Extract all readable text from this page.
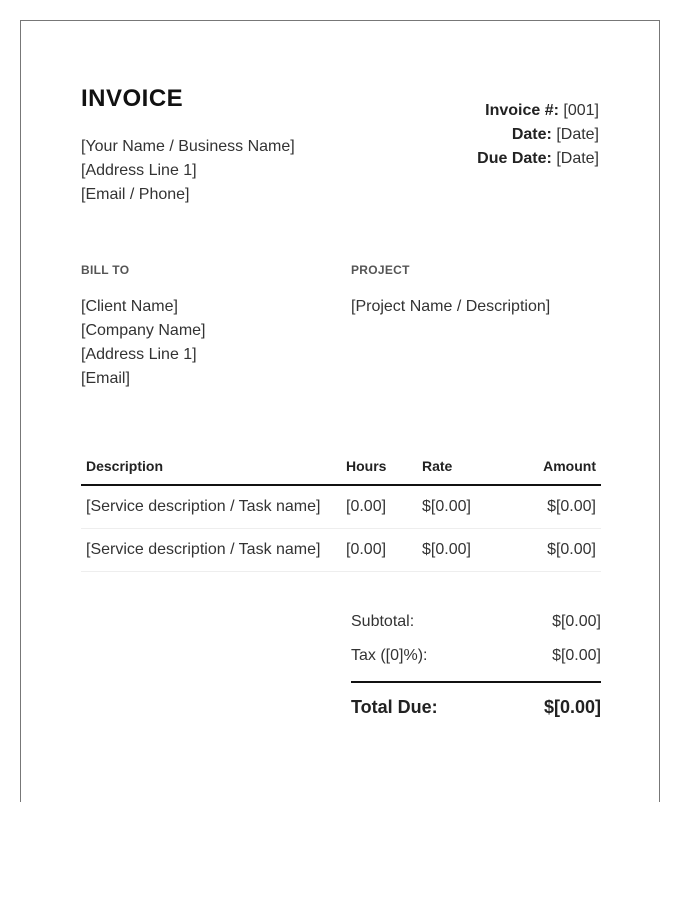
INVOICE
[Your Name / Business Name]
[Address Line 1]
[Email / Phone]
Invoice #: [001]
Date: [Date]
Due Date: [Date]
BILL TO	PROJECT
[Client Name]
[Company Name]
[Address Line 1]
[Email]
[Project Name / Description]
Description	Hours	Rate	Amount
[Service description / Task name]	[0.00]	$[0.00]	$[0.00]
[Service description / Task name]	[0.00]	$[0.00]	$[0.00]
Subtotal:	$[0.00]
Tax ([0]%):	$[0.00]
Total Due:	$[0.00]
